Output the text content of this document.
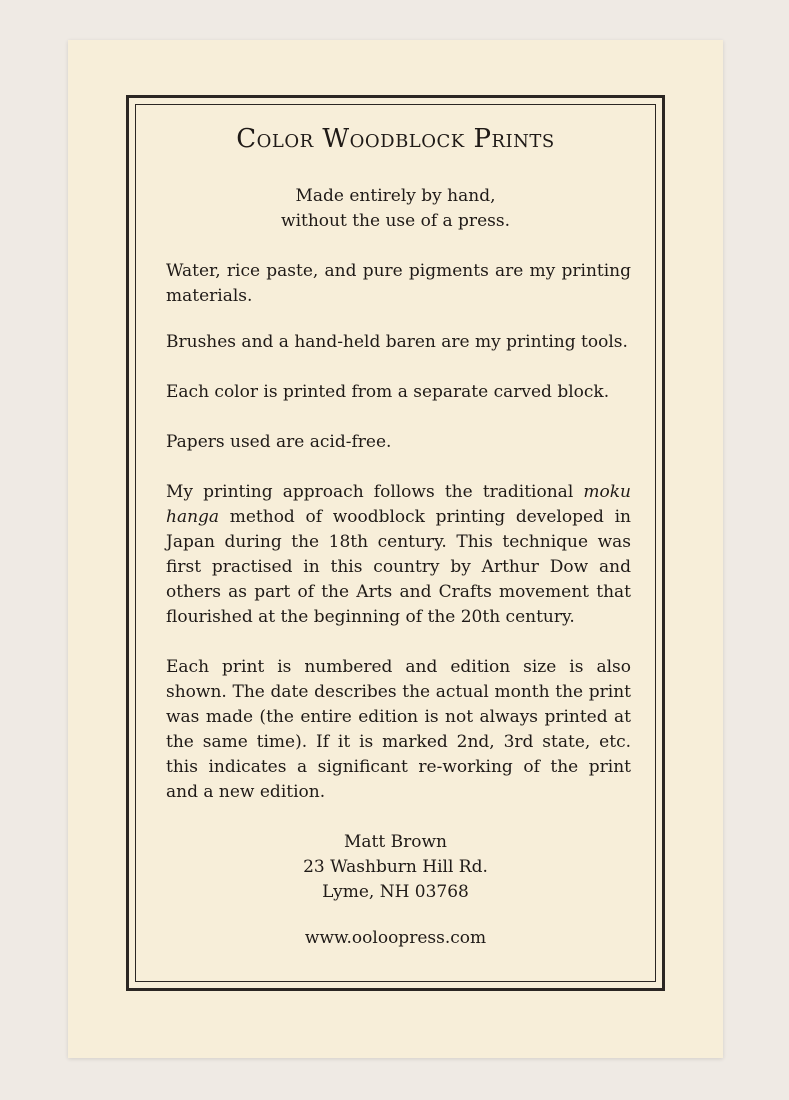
Color Woodblock Prints
Made entirely by hand,
without the use of a press.
Water, rice paste, and pure pigments are my printing materials.
Brushes and a hand-held baren are my printing tools.
Each color is printed from a separate carved block.
Papers used are acid-free.
My printing approach follows the traditional moku hanga method of woodblock printing developed in Japan during the 18th century. This technique was first practised in this country by Arthur Dow and others as part of the Arts and Crafts movement that flourished at the beginning of the 20th century.
Each print is numbered and edition size is also shown. The date describes the actual month the print was made (the entire edition is not always printed at the same time). If it is marked 2nd, 3rd state, etc. this indicates a significant re-working of the print and a new edition.
Matt Brown
23 Washburn Hill Rd.
Lyme, NH 03768
www.ooloopress.com
